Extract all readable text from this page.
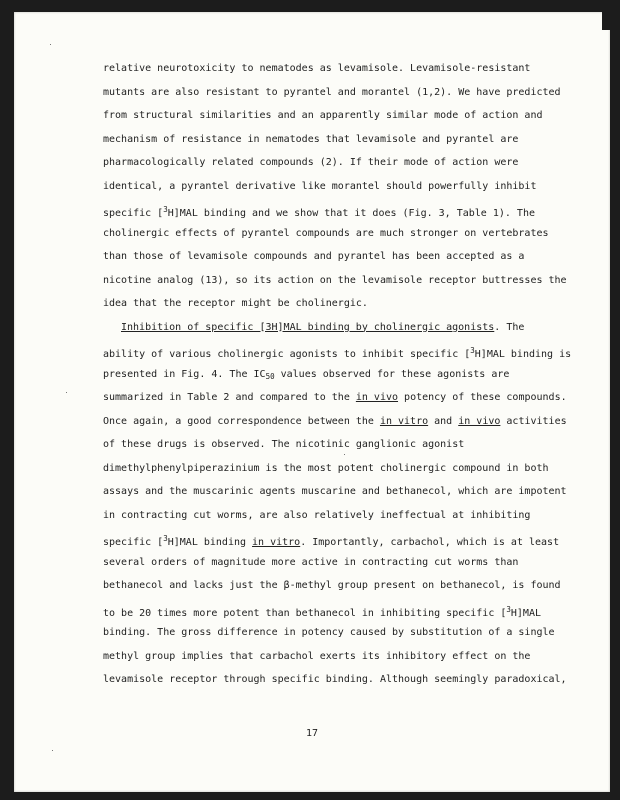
relative neurotoxicity to nematodes as levamisole. Levamisole-resistant
mutants are also resistant to pyrantel and morantel (1,2). We have predicted
from structural similarities and an apparently similar mode of action and
mechanism of resistance in nematodes that levamisole and pyrantel are
pharmacologically related compounds (2). If their mode of action were
identical, a pyrantel derivative like morantel should powerfully inhibit
specific [$^3$H]MAL binding and we show that it does (Fig. 3, Table 1). The
cholinergic effects of pyrantel compounds are much stronger on vertebrates
than those of levamisole compounds and pyrantel has been accepted as a
nicotine analog (13), so its action on the levamisole receptor buttresses the
idea that the receptor might be cholinergic.
Inhibition of specific [3H]MAL binding by cholinergic agonists. The
ability of various cholinergic agonists to inhibit specific [$^3$H]MAL binding is
presented in Fig. 4. The $IC_{50}$ values observed for these agonists are
summarized in Table 2 and compared to the in vivo potency of these compounds.
Once again, a good correspondence between the in vitro and in vivo activities
of these drugs is observed. The nicotinic ganglionic agonist
dimethylphenylpiperazinium is the most potent cholinergic compound in both
assays and the muscarinic agents muscarine and bethanecol, which are impotent
in contracting cut worms, are also relatively ineffectual at inhibiting
specific [$^3$H]MAL binding in vitro. Importantly, carbachol, which is at least
several orders of magnitude more active in contracting cut worms than
bethanecol and lacks just the β-methyl group present on bethanecol, is found
to be 20 times more potent than bethanecol in inhibiting specific [$^3$H]MAL
binding. The gross difference in potency caused by substitution of a single
methyl group implies that carbachol exerts its inhibitory effect on the
levamisole receptor through specific binding. Although seemingly paradoxical,
17
